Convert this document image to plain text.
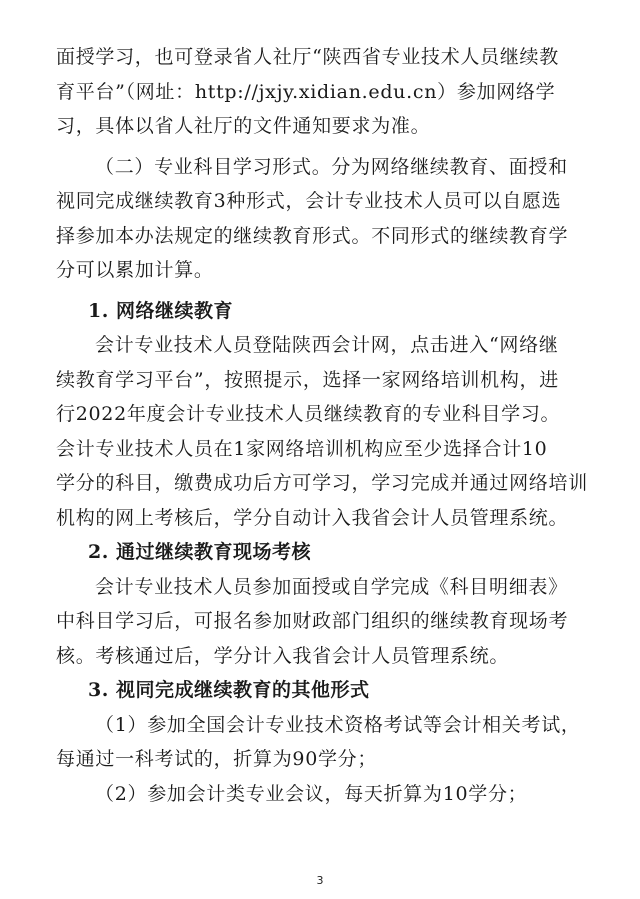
面授学习，也可登录省人社厅“陕西省专业技术人员继续教
育平台”（网址：http://jxjy.xidian.edu.cn）参加网络学
习，具体以省人社厅的文件通知要求为准。
（二）专业科目学习形式。分为网络继续教育、面授和
视同完成继续教育3种形式，会计专业技术人员可以自愿选
择参加本办法规定的继续教育形式。不同形式的继续教育学
分可以累加计算。
1. 网络继续教育
会计专业技术人员登陆陕西会计网，点击进入“网络继
续教育学习平台”，按照提示，选择一家网络培训机构，进
行2022年度会计专业技术人员继续教育的专业科目学习。
会计专业技术人员在1家网络培训机构应至少选择合计10
学分的科目，缴费成功后方可学习，学习完成并通过网络培训
机构的网上考核后，学分自动计入我省会计人员管理系统。
2. 通过继续教育现场考核
会计专业技术人员参加面授或自学完成《科目明细表》
中科目学习后，可报名参加财政部门组织的继续教育现场考
核。考核通过后，学分计入我省会计人员管理系统。
3. 视同完成继续教育的其他形式
（1）参加全国会计专业技术资格考试等会计相关考试，
每通过一科考试的，折算为90学分；
（2）参加会计类专业会议，每天折算为10学分；
3
